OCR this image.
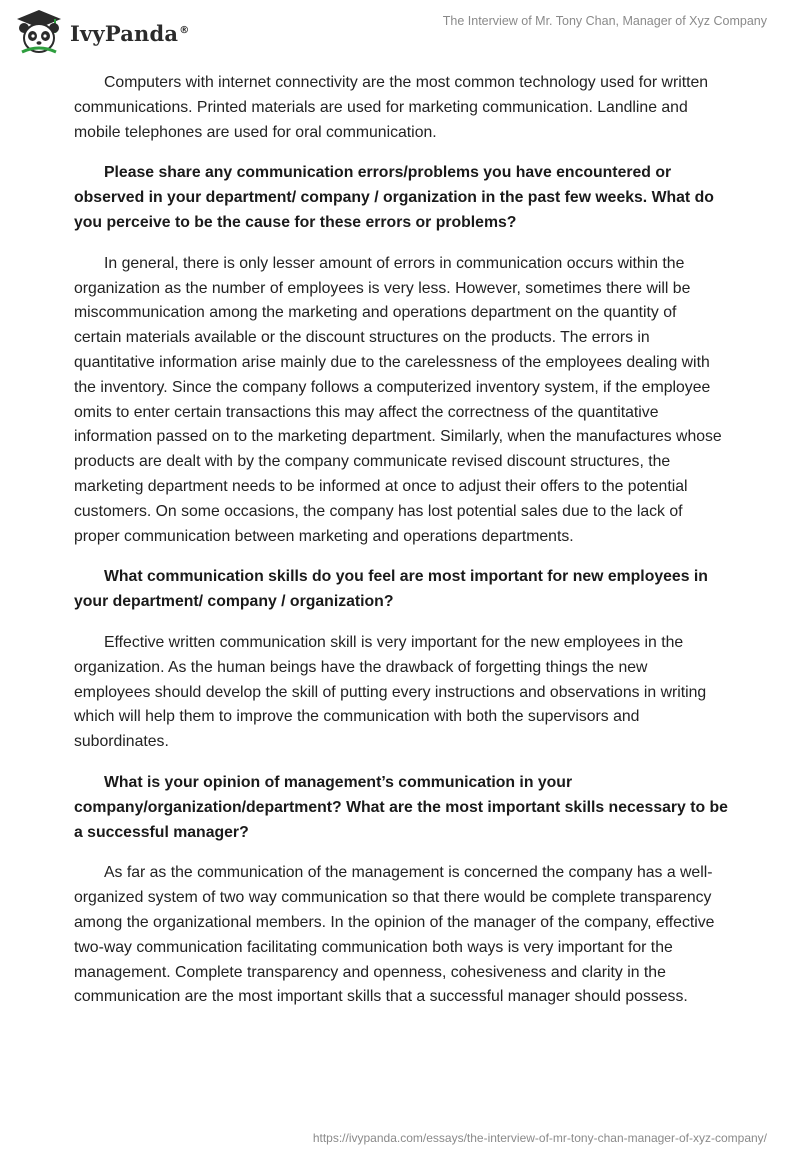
IvyPanda®
The Interview of Mr. Tony Chan, Manager of Xyz Company

Computers with internet connectivity are the most common technology used for written communications. Printed materials are used for marketing communication. Landline and mobile telephones are used for oral communication.

Please share any communication errors/problems you have encountered or observed in your department/ company / organization in the past few weeks. What do you perceive to be the cause for these errors or problems?

In general, there is only lesser amount of errors in communication occurs within the organization as the number of employees is very less. However, sometimes there will be miscommunication among the marketing and operations department on the quantity of certain materials available or the discount structures on the products. The errors in quantitative information arise mainly due to the carelessness of the employees dealing with the inventory. Since the company follows a computerized inventory system, if the employee omits to enter certain transactions this may affect the correctness of the quantitative information passed on to the marketing department. Similarly, when the manufactures whose products are dealt with by the company communicate revised discount structures, the marketing department needs to be informed at once to adjust their offers to the potential customers. On some occasions, the company has lost potential sales due to the lack of proper communication between marketing and operations departments.

What communication skills do you feel are most important for new employees in your department/ company / organization?

Effective written communication skill is very important for the new employees in the organization. As the human beings have the drawback of forgetting things the new employees should develop the skill of putting every instructions and observations in writing which will help them to improve the communication with both the supervisors and subordinates.

What is your opinion of management’s communication in your company/organization/department? What are the most important skills necessary to be a successful manager?

As far as the communication of the management is concerned the company has a well-organized system of two way communication so that there would be complete transparency among the organizational members. In the opinion of the manager of the company, effective two-way communication facilitating communication both ways is very important for the management. Complete transparency and openness, cohesiveness and clarity in the communication are the most important skills that a successful manager should possess.

https://ivypanda.com/essays/the-interview-of-mr-tony-chan-manager-of-xyz-company/
